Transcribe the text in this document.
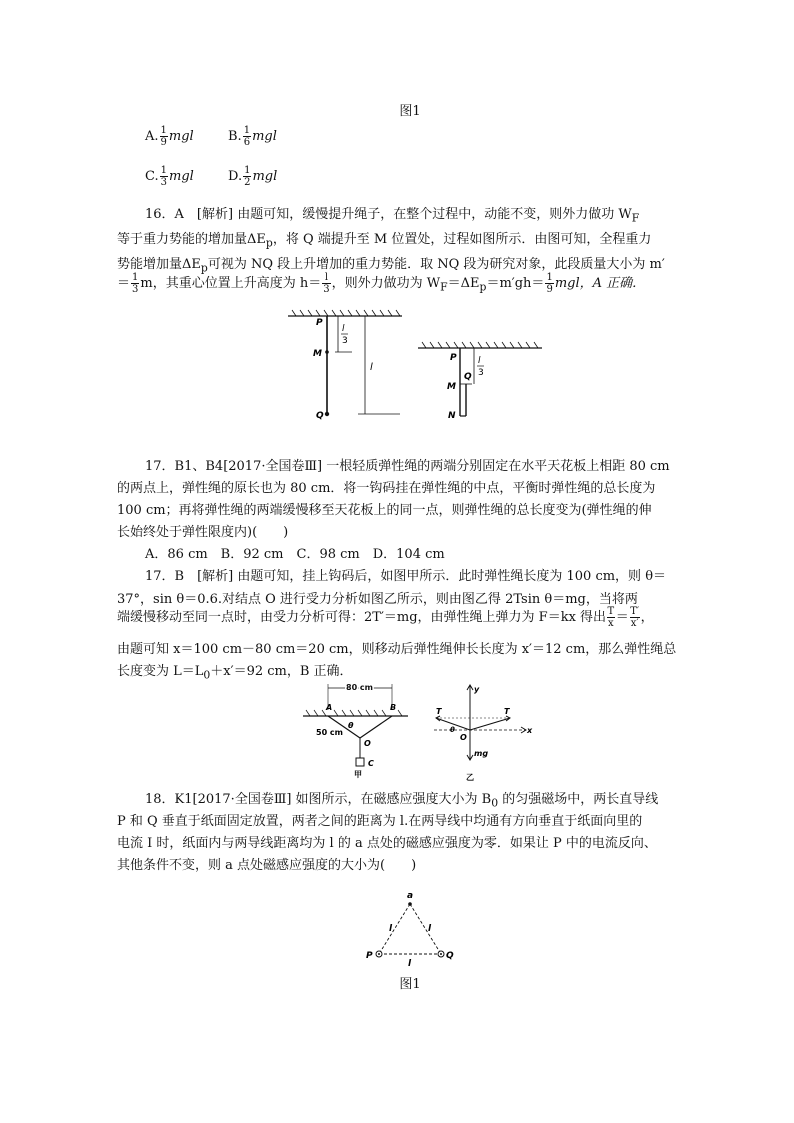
图1
A. $\frac{1}{9}$ mgl	B. $\frac{1}{6}$ mgl
C. $\frac{1}{3}$ mgl	D. $\frac{1}{2}$ mgl
16．A　[解析] 由题可知，缓慢提升绳子，在整个过程中，动能不变，则外力做功 $W_F$
等于重力势能的增加量$\Delta E_p$，将 Q 端提升至 M 位置处，过程如图所示．由图可知，全程重力
势能增加量$\Delta E_p$可视为 NQ 段上升增加的重力势能．取 NQ 段为研究对象，此段质量大小为 m′
＝ $\frac{1}{3}$ m，其重心位置上升高度为 $h= \frac{l}{3}$ ，则外力做功为 $W_F=\Delta E_p=m'gh= \frac{1}{9}$ mgl，A 正确．
P
M
Q
l
3
l
P
Q
M
N
l
3
17．B1、B4[2017·全国卷Ⅲ] 一根轻质弹性绳的两端分别固定在水平天花板上相距 80 cm
的两点上，弹性绳的原长也为 80 cm．将一钩码挂在弹性绳的中点，平衡时弹性绳的总长度为
100 cm；再将弹性绳的两端缓慢移至天花板上的同一点，则弹性绳的总长度变为(弹性绳的伸
长始终处于弹性限度内)(　　)
A．86 cm　B．92 cm　C．98 cm　D．104 cm
17．B　[解析] 由题可知，挂上钩码后，如图甲所示．此时弹性绳长度为 100 cm，则 θ＝
37°，sin θ＝0.6.对结点 O 进行受力分析如图乙所示，则由图乙得 2Tsin θ＝mg，当将两
端缓慢移动至同一点时，由受力分析可得：2T′＝mg，由弹性绳上弹力为 F＝kx 得出 $\frac{T}{x} = \frac{T'}{x'}$ ，
由题可知 x＝100 cm－80 cm＝20 cm，则移动后弹性绳伸长长度为 x′＝12 cm，那么弹性绳总
长度变为 $L=L_0+x'=92$ cm，B 正确．
80 cm
A	B
θ
50 cm
O
C
甲
y
x
T	T
θ
O
mg
乙
18．K1[2017·全国卷Ⅲ] 如图所示，在磁感应强度大小为 $B_0$ 的匀强磁场中，两长直导线
P 和 Q 垂直于纸面固定放置，两者之间的距离为 l.在两导线中均通有方向垂直于纸面向里的
电流 I 时，纸面内与两导线距离均为 l 的 a 点处的磁感应强度为零．如果让 P 中的电流反向、
其他条件不变，则 a 点处磁感应强度的大小为(　　)
a
l	l
P	Q
l
图1
